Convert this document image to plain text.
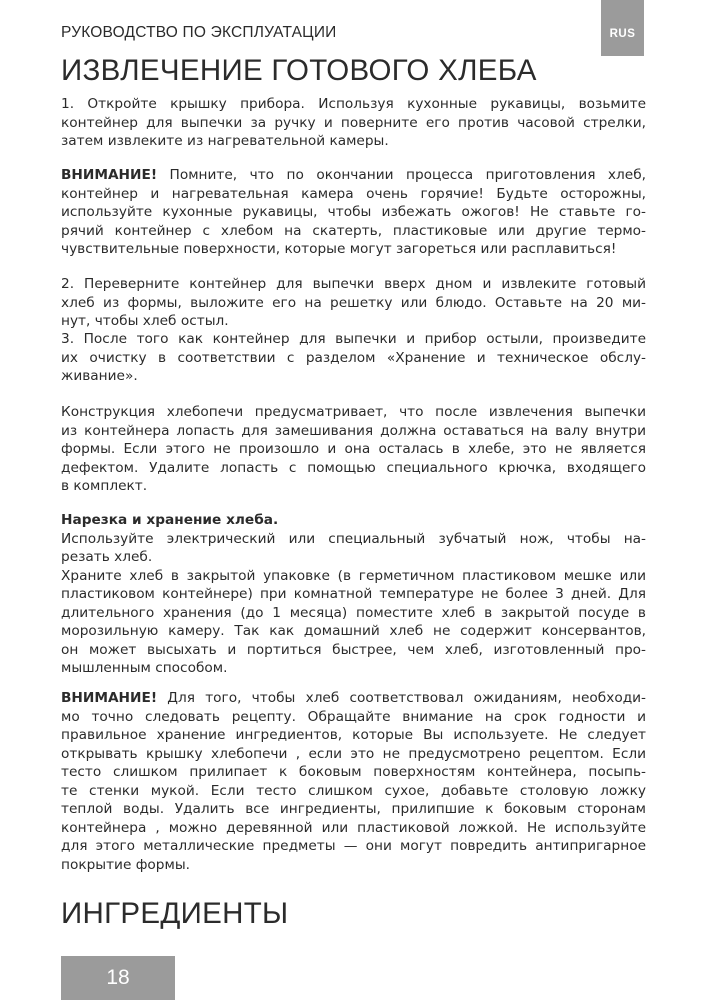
РУКОВОДСТВО ПО ЭКСПЛУАТАЦИИ	RUS
ИЗВЛЕЧЕНИЕ ГОТОВОГО ХЛЕБА
1. Откройте крышку прибора. Используя кухонные рукавицы, возьмите
контейнер для выпечки за ручку и поверните его против часовой стрелки,
затем извлеките из нагревательной камеры.
ВНИМАНИЕ! Помните, что по окончании процесса приготовления хлеб,
контейнер и нагревательная камера очень горячие! Будьте осторожны,
используйте кухонные рукавицы, чтобы избежать ожогов! Не ставьте го-
рячий контейнер с хлебом на скатерть, пластиковые или другие термо-
чувствительные поверхности, которые могут загореться или расплавиться!
2. Переверните контейнер для выпечки вверх дном и извлеките готовый
хлеб из формы, выложите его на решетку или блюдо. Оставьте на 20 ми-
нут, чтобы хлеб остыл.
3. После того как контейнер для выпечки и прибор остыли, произведите
их очистку в соответствии с разделом «Хранение и техническое обслу-
живание».
Конструкция хлебопечи предусматривает, что после извлечения выпечки
из контейнера лопасть для замешивания должна оставаться на валу внутри
формы. Если этого не произошло и она осталась в хлебе, это не является
дефектом. Удалите лопасть с помощью специального крючка, входящего
в комплект.
Нарезка и хранение хлеба.
Используйте электрический или специальный зубчатый нож, чтобы на-
резать хлеб.
Храните хлеб в закрытой упаковке (в герметичном пластиковом мешке или
пластиковом контейнере) при комнатной температуре не более 3 дней. Для
длительного хранения (до 1 месяца) поместите хлеб в закрытой посуде в
морозильную камеру. Так как домашний хлеб не содержит консервантов,
он может высыхать и портиться быстрее, чем хлеб, изготовленный про-
мышленным способом.
ВНИМАНИЕ! Для того, чтобы хлеб соответствовал ожиданиям, необходи-
мо точно следовать рецепту. Обращайте внимание на срок годности и
правильное хранение ингредиентов, которые Вы используете. Не следует
открывать крышку хлебопечи , если это не предусмотрено рецептом. Если
тесто слишком прилипает к боковым поверхностям контейнера, посыпь-
те стенки мукой. Если тесто слишком сухое, добавьте столовую ложку
теплой воды. Удалить все ингредиенты, прилипшие к боковым сторонам
контейнера , можно деревянной или пластиковой ложкой. Не используйте
для этого металлические предметы — они могут повредить антипригарное
покрытие формы.
ИНГРЕДИЕНТЫ
18
